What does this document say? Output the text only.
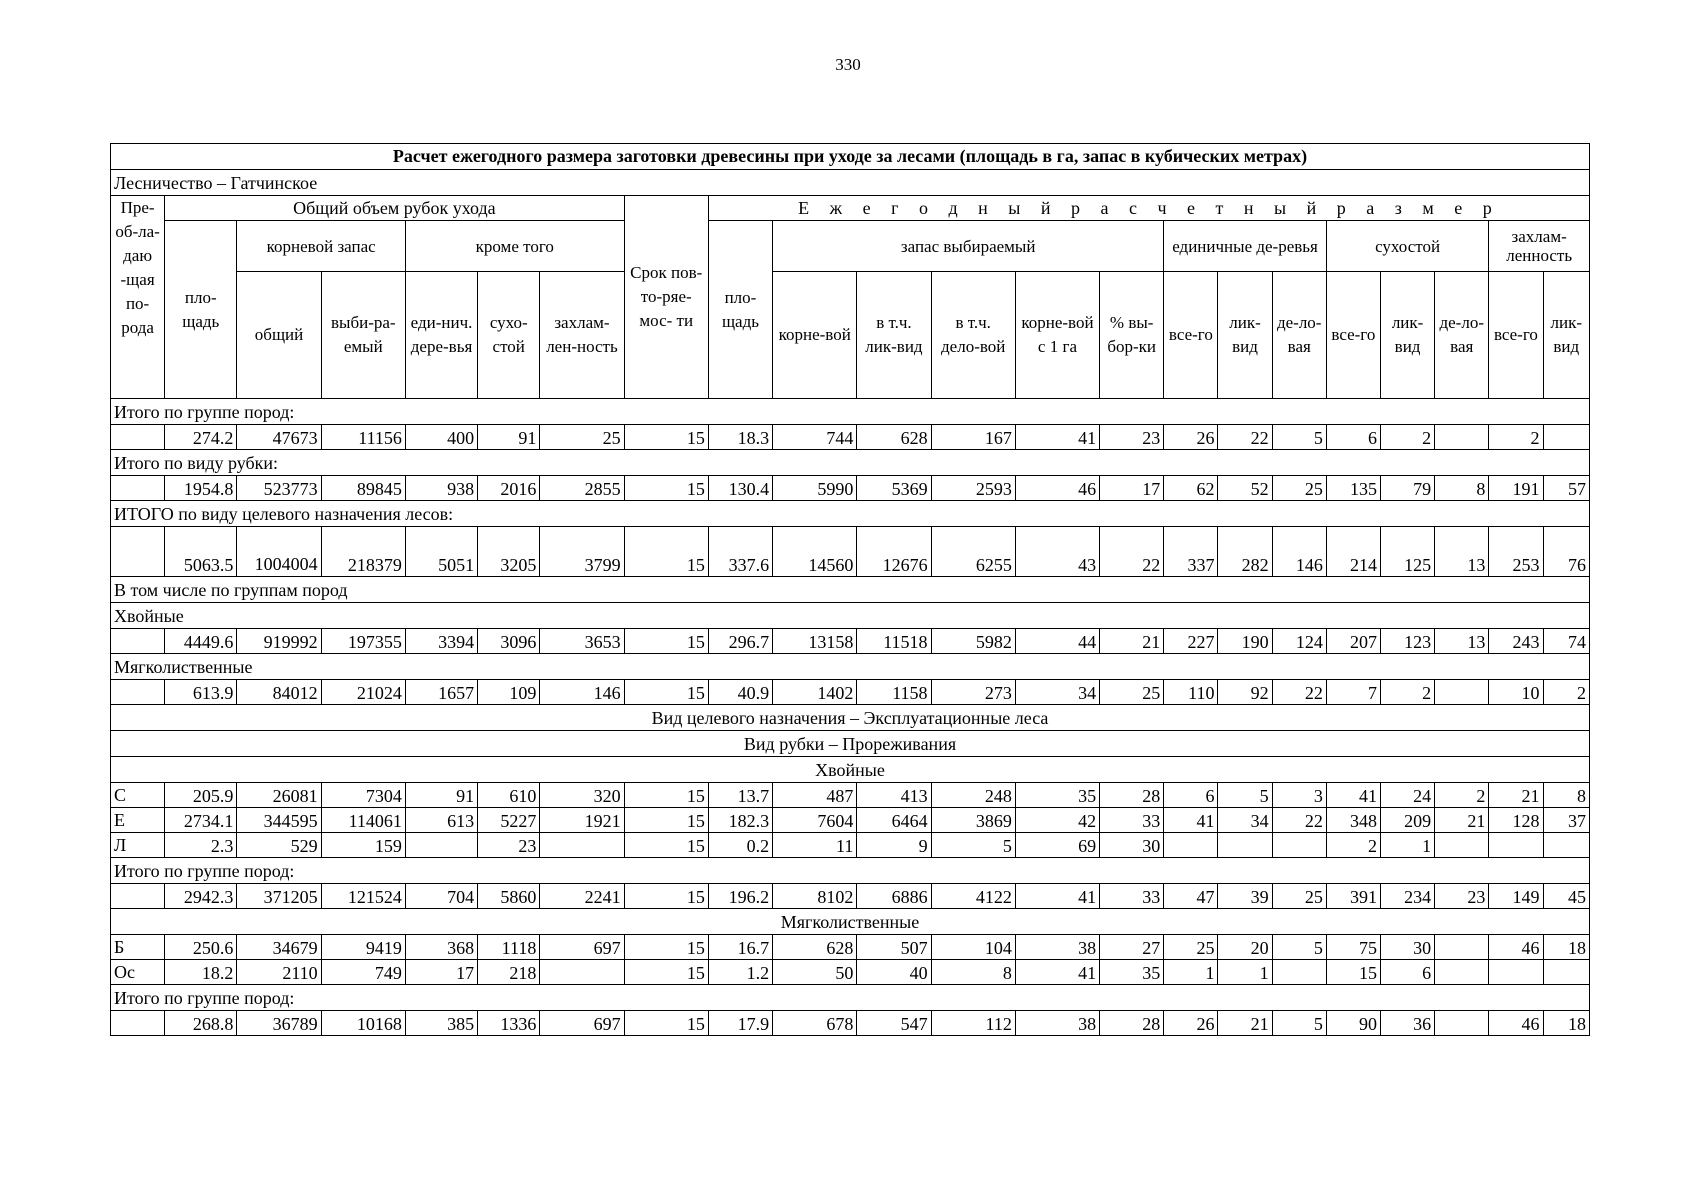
330
Расчет ежегодного размера заготовки древесины при уходе за лесами (площадь в га, запас в кубических метрах)																					
Лесничество – Гатчинское																					
Пре-об-ла-даю -щая по-рода	Общий объем рубок ухода						Срок пов- то-ряе-мос- ти	Е ж е г о д н ы й р а с ч е т н ы й р а з м е р													
	пло-щадь	корневой запас		кроме того				пло-щадь	запас выбираемый					единичные де-ревья			сухостой			захлам-ленность	
		общий	выби-ра-емый	еди-нич. дере-вья	сухо-стой	захлам-лен-ность			корне-вой	в т.ч. лик-вид	в т.ч. дело-вой	корне-вой с 1 га	% вы-бор-ки	все-го	лик-вид	де-ло-вая	все-го	лик-вид	де-ло-вая	все-го	лик-вид
Итого по группе пород:																					
	274.2	47673	11156	400	91	25	15	18.3	744	628	167	41	23	26	22	5	6	2		2	
Итого по виду рубки:																					
	1954.8	523773	89845	938	2016	2855	15	130.4	5990	5369	2593	46	17	62	52	25	135	79	8	191	57
ИТОГО по виду целевого назначения лесов:																					
	5063.5	1004004	218379	5051	3205	3799	15	337.6	14560	12676	6255	43	22	337	282	146	214	125	13	253	76
В том числе по группам пород																					
Хвойные																					
	4449.6	919992	197355	3394	3096	3653	15	296.7	13158	11518	5982	44	21	227	190	124	207	123	13	243	74
Мягколиственные																					
	613.9	84012	21024	1657	109	146	15	40.9	1402	1158	273	34	25	110	92	22	7	2		10	2
Вид целевого назначения – Эксплуатационные леса																					
Вид рубки – Прореживания																					
Хвойные																					
С	205.9	26081	7304	91	610	320	15	13.7	487	413	248	35	28	6	5	3	41	24	2	21	8
Е	2734.1	344595	114061	613	5227	1921	15	182.3	7604	6464	3869	42	33	41	34	22	348	209	21	128	37
Л	2.3	529	159		23		15	0.2	11	9	5	69	30				2	1			
Итого по группе пород:																					
	2942.3	371205	121524	704	5860	2241	15	196.2	8102	6886	4122	41	33	47	39	25	391	234	23	149	45
Мягколиственные																					
Б	250.6	34679	9419	368	1118	697	15	16.7	628	507	104	38	27	25	20	5	75	30		46	18
Ос	18.2	2110	749	17	218		15	1.2	50	40	8	41	35	1	1		15	6			
Итого по группе пород:																					
	268.8	36789	10168	385	1336	697	15	17.9	678	547	112	38	28	26	21	5	90	36		46	18
